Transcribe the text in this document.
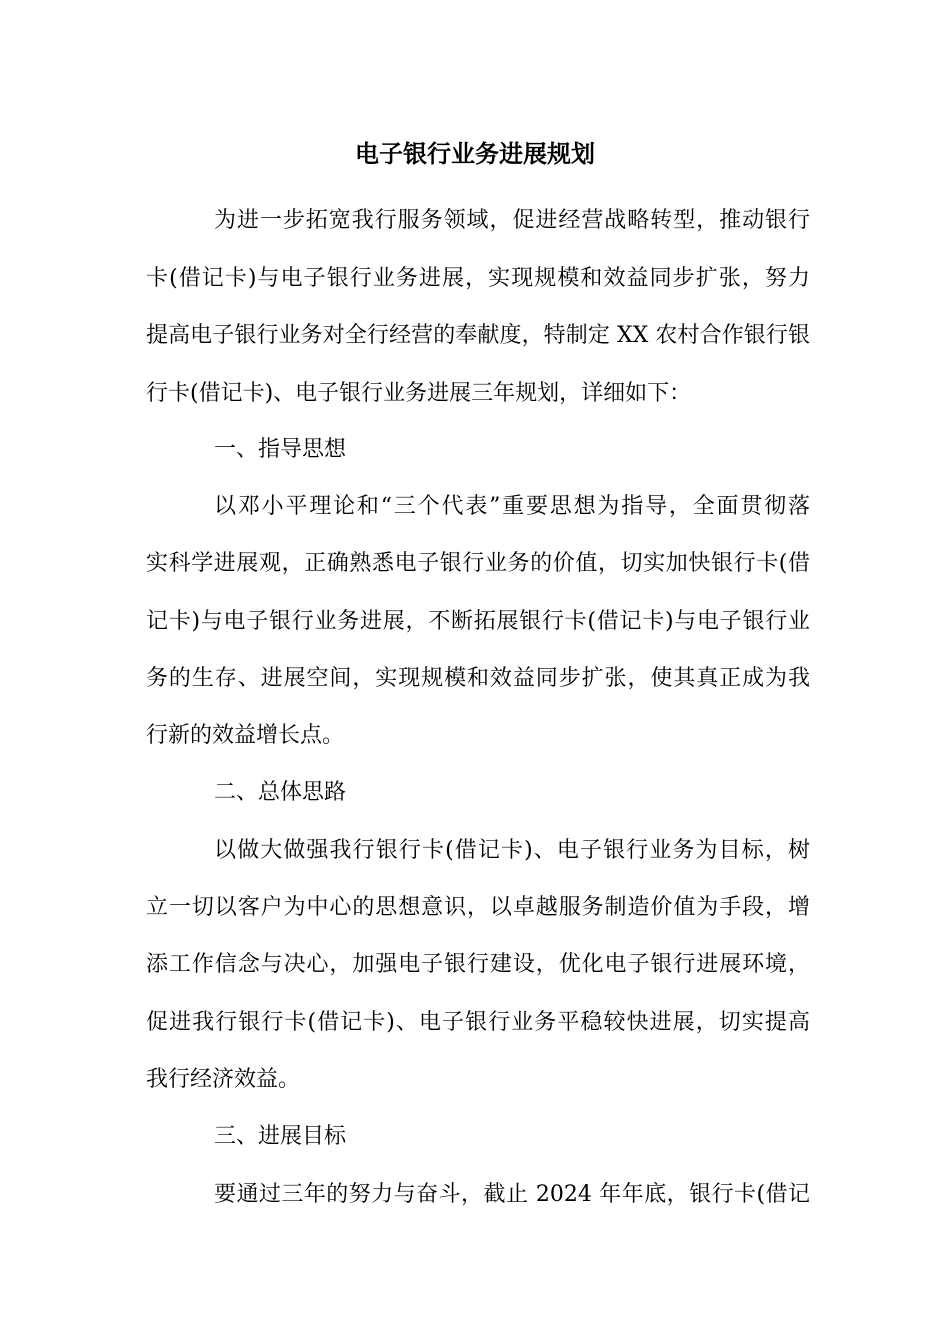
电子银行业务进展规划
为进一步拓宽我行服务领域，促进经营战略转型，推动银行
卡(借记卡)与电子银行业务进展，实现规模和效益同步扩张，努力
提高电子银行业务对全行经营的奉献度，特制定 XX 农村合作银行银
行卡(借记卡)、电子银行业务进展三年规划，详细如下：
一、指导思想
以邓小平理论和“三个代表”重要思想为指导，全面贯彻落
实科学进展观，正确熟悉电子银行业务的价值，切实加快银行卡(借
记卡)与电子银行业务进展，不断拓展银行卡(借记卡)与电子银行业
务的生存、进展空间，实现规模和效益同步扩张，使其真正成为我
行新的效益增长点。
二、总体思路
以做大做强我行银行卡(借记卡)、电子银行业务为目标，树
立一切以客户为中心的思想意识，以卓越服务制造价值为手段，增
添工作信念与决心，加强电子银行建设，优化电子银行进展环境，
促进我行银行卡(借记卡)、电子银行业务平稳较快进展，切实提高
我行经济效益。
三、进展目标
要通过三年的努力与奋斗，截止 2024 年年底，银行卡(借记
